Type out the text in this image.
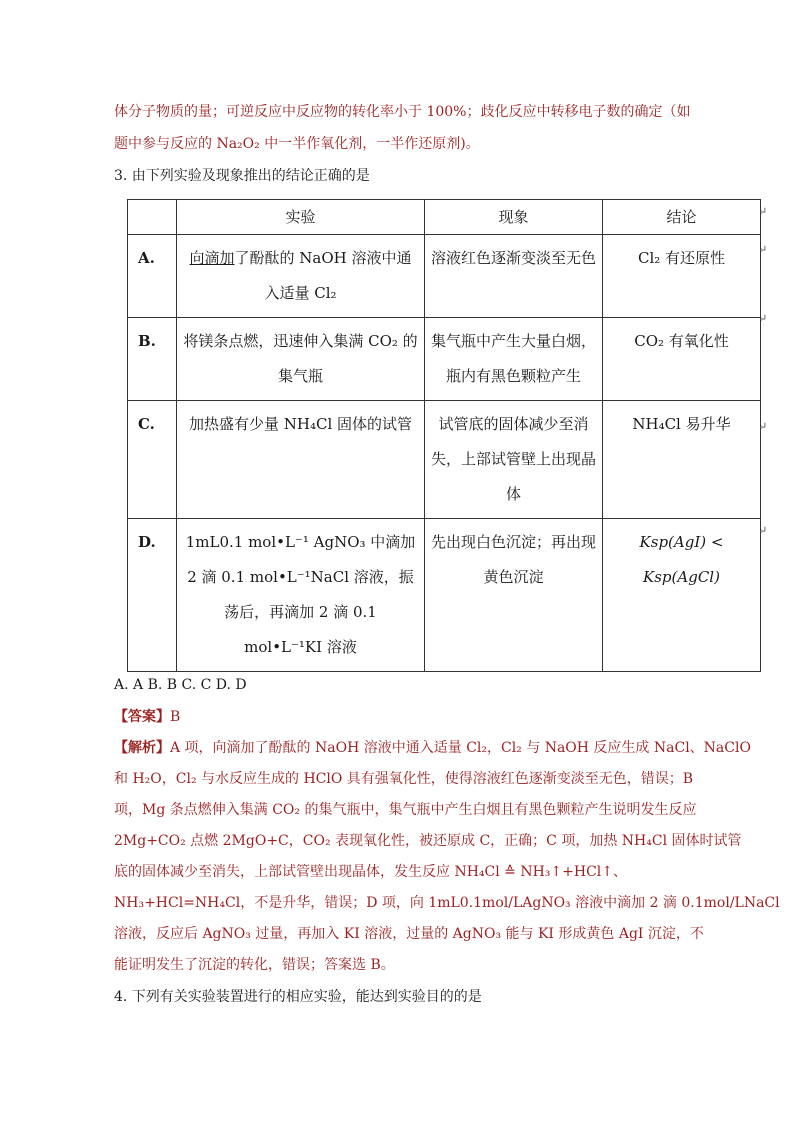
体分子物质的量；可逆反应中反应物的转化率小于 100%；歧化反应中转移电子数的确定（如
题中参与反应的 Na₂O₂ 中一半作氧化剂，一半作还原剂)。
3. 由下列实验及现象推出的结论正确的是
	实验	现象	结论
A.	向滴加了酚酞的 NaOH 溶液中通入适量 Cl₂	溶液红色逐渐变淡至无色	Cl₂ 有还原性
B.	将镁条点燃，迅速伸入集满 CO₂ 的集气瓶	集气瓶中产生大量白烟，瓶内有黑色颗粒产生	CO₂ 有氧化性
C.	加热盛有少量 NH₄Cl 固体的试管	试管底的固体减少至消失，上部试管壁上出现晶体	NH₄Cl 易升华
D.	1mL0.1 mol•L⁻¹ AgNO₃ 中滴加 2 滴 0.1 mol•L⁻¹NaCl 溶液，振荡后，再滴加 2 滴 0.1 mol•L⁻¹KI 溶液	先出现白色沉淀；再出现黄色沉淀	Ksp(AgI) < Ksp(AgCl)
A. A B. B C. C D. D
【答案】B
【解析】A 项，向滴加了酚酞的 NaOH 溶液中通入适量 Cl₂，Cl₂ 与 NaOH 反应生成 NaCl、NaClO
和 H₂O，Cl₂ 与水反应生成的 HClO 具有强氧化性，使得溶液红色逐渐变淡至无色，错误；B
项，Mg 条点燃伸入集满 CO₂ 的集气瓶中，集气瓶中产生白烟且有黑色颗粒产生说明发生反应
2Mg+CO₂ 点燃 2MgO+C，CO₂ 表现氧化性，被还原成 C，正确；C 项，加热 NH₄Cl 固体时试管
底的固体减少至消失，上部试管壁出现晶体，发生反应 NH₄Cl ≙ NH₃↑+HCl↑、
NH₃+HCl=NH₄Cl，不是升华，错误；D 项，向 1mL0.1mol/LAgNO₃ 溶液中滴加 2 滴 0.1mol/LNaCl
溶液，反应后 AgNO₃ 过量，再加入 KI 溶液，过量的 AgNO₃ 能与 KI 形成黄色 AgI 沉淀，不
能证明发生了沉淀的转化，错误；答案选 B。
4. 下列有关实验装置进行的相应实验，能达到实验目的的是
↵
↵
↵
↵
↵
